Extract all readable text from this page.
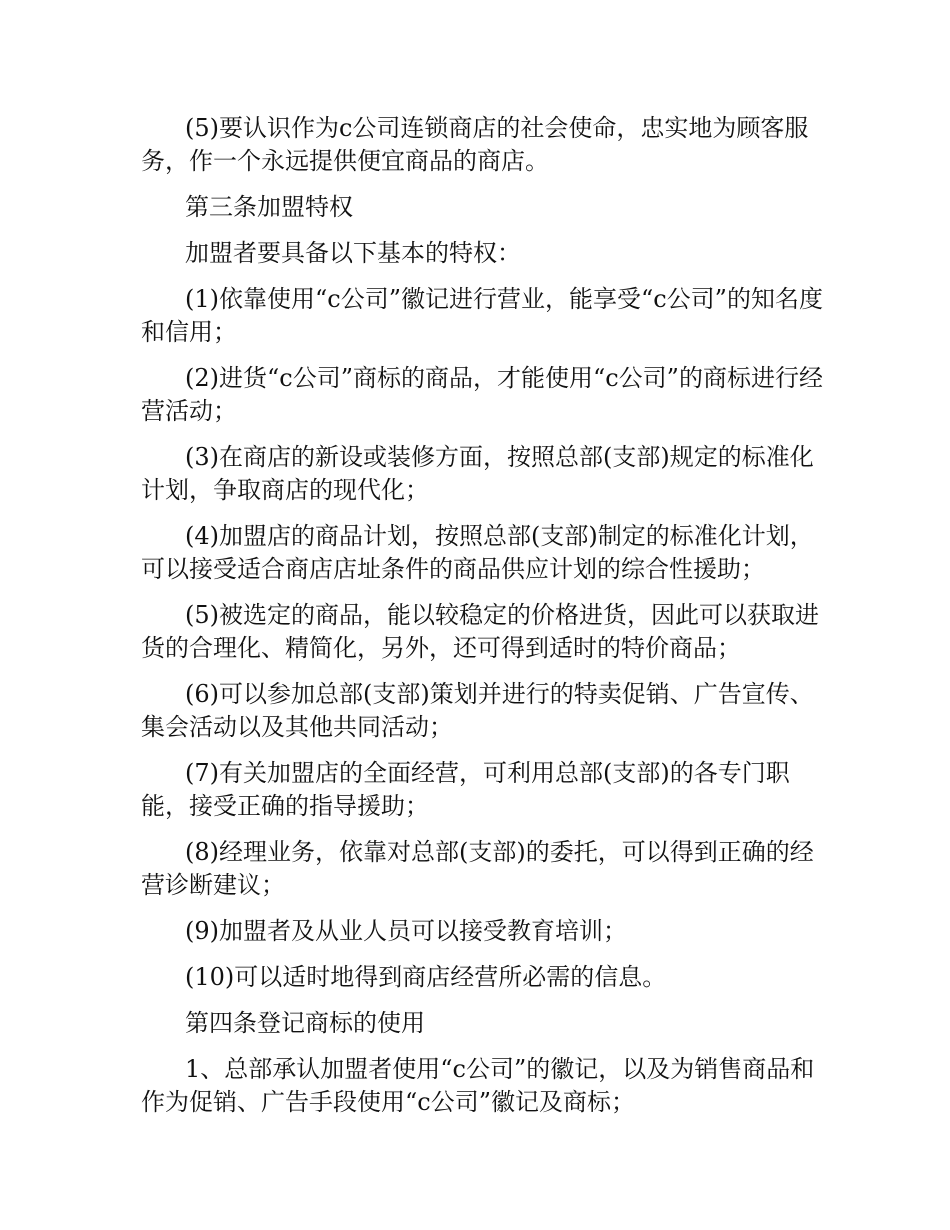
(5)要认识作为c公司连锁商店的社会使命，忠实地为顾客服务，作一个永远提供便宜商品的商店。

第三条加盟特权

加盟者要具备以下基本的特权：

(1)依靠使用“c公司”徽记进行营业，能享受“c公司”的知名度和信用；

(2)进货“c公司”商标的商品，才能使用“c公司”的商标进行经营活动；

(3)在商店的新设或装修方面，按照总部(支部)规定的标准化计划，争取商店的现代化；

(4)加盟店的商品计划，按照总部(支部)制定的标准化计划，可以接受适合商店店址条件的商品供应计划的综合性援助；

(5)被选定的商品，能以较稳定的价格进货，因此可以获取进货的合理化、精简化，另外，还可得到适时的特价商品；

(6)可以参加总部(支部)策划并进行的特卖促销、广告宣传、集会活动以及其他共同活动；

(7)有关加盟店的全面经营，可利用总部(支部)的各专门职能，接受正确的指导援助；

(8)经理业务，依靠对总部(支部)的委托，可以得到正确的经营诊断建议；

(9)加盟者及从业人员可以接受教育培训；

(10)可以适时地得到商店经营所必需的信息。

第四条登记商标的使用

1、总部承认加盟者使用“c公司”的徽记，以及为销售商品和作为促销、广告手段使用“c公司”徽记及商标；
